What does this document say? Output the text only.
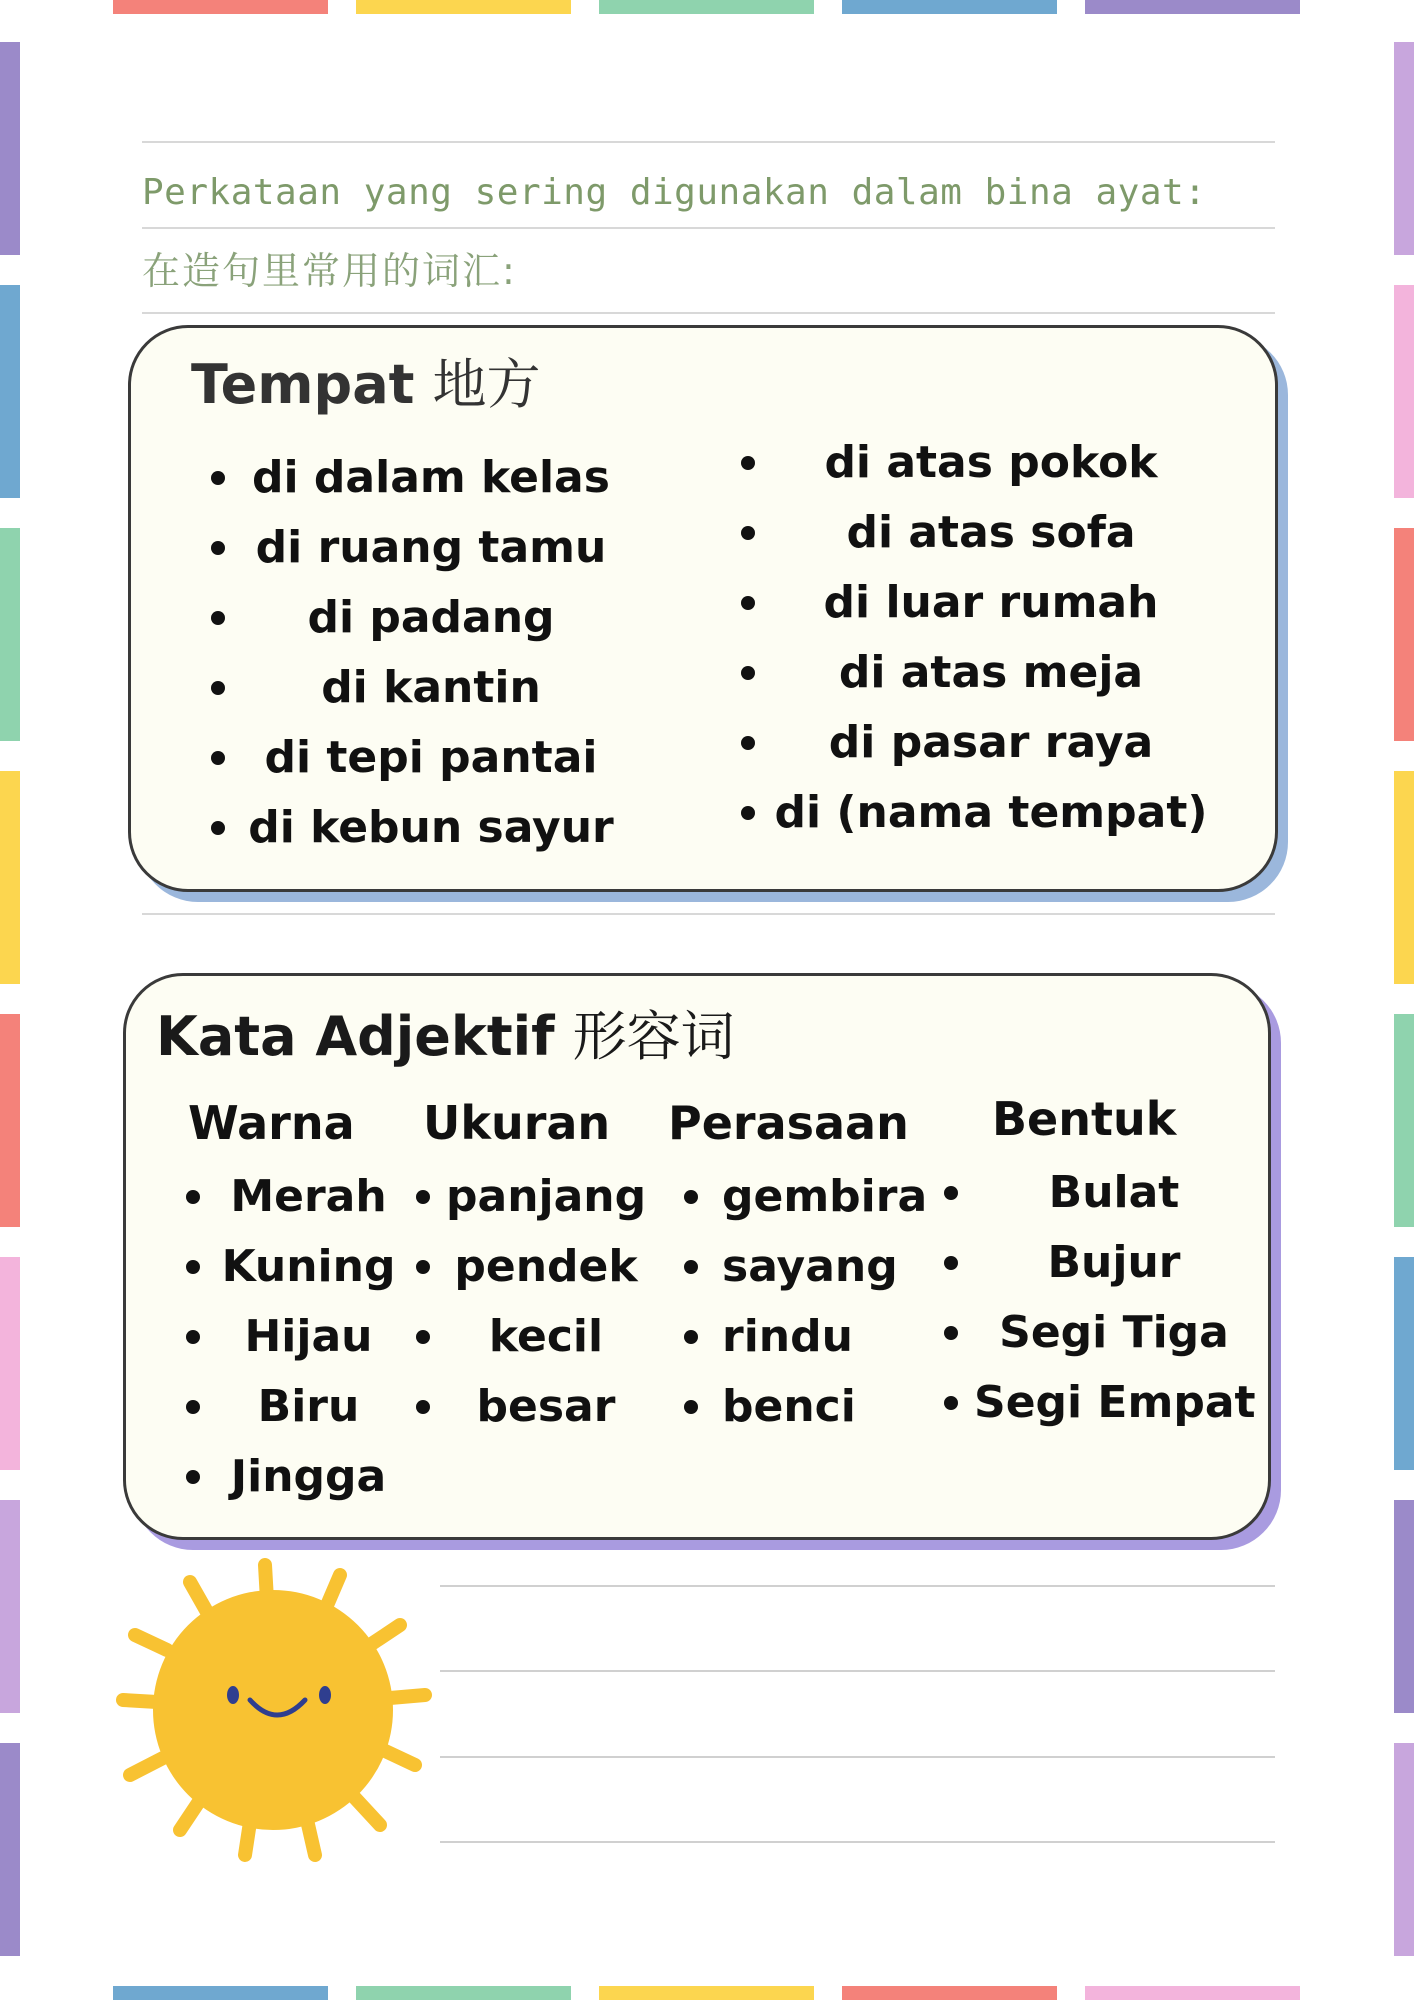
Perkataan yang sering digunakan dalam bina ayat:

在造句里常用的词汇:

Tempat 地方
di dalam kelas
di ruang tamu
di padang
di kantin
di tepi pantai
di kebun sayur
di atas pokok
di atas sofa
di luar rumah
di atas meja
di pasar raya
di (nama tempat)
Kata Adjektif 形容词
Warna Ukuran Perasaan Bentuk
Merah
Kuning
Hijau
Biru
Jingga
panjang
pendek
kecil
besar
gembira
sayang
rindu
benci
Bulat
Bujur
Segi Tiga
Segi Empat
